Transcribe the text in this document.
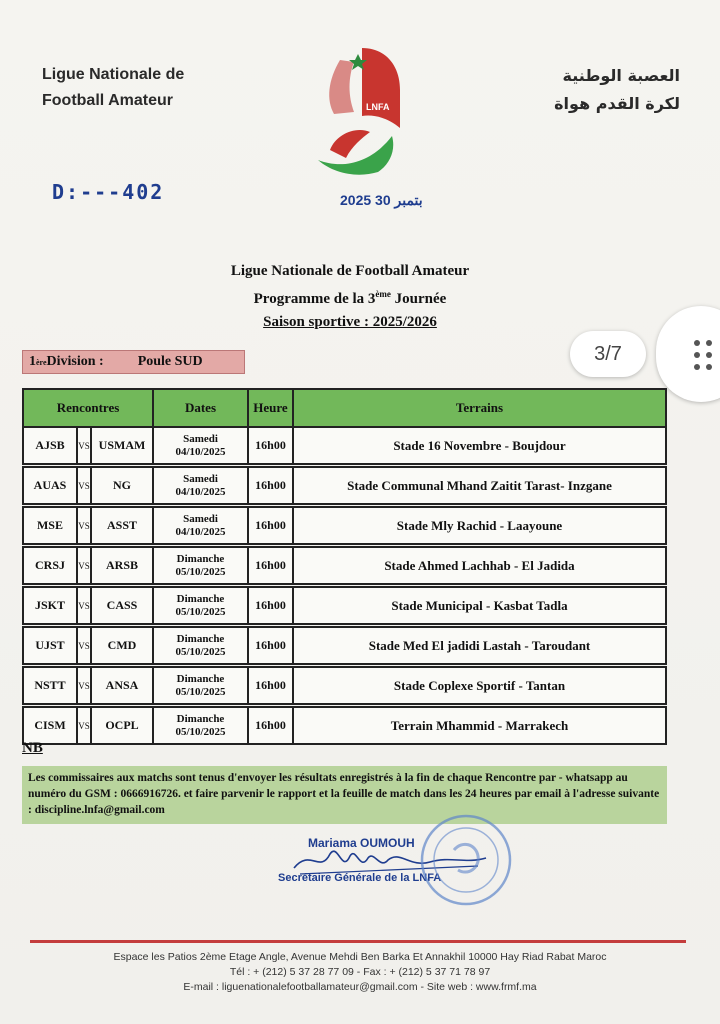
Ligue Nationale de
Football Amateur	LNFA
العصبة الوطنية
لكرة القدم هواة
D:---402	2025 بتمبر 30
Ligue Nationale de Football Amateur
Programme de la 3ème Journée
Saison sportive : 2025/2026
1 ère Division : Poule SUD	3/7
Rencontres			Dates	Heure	Terrains
AJSB	VS	USMAM	Samedi
04/10/2025	16h00	Stade 16 Novembre - Boujdour

AUAS	VS	NG	Samedi
04/10/2025	16h00	Stade Communal Mhand Zaitit Tarast- Inzgane

MSE	VS	ASST	Samedi
04/10/2025	16h00	Stade Mly Rachid - Laayoune

CRSJ	VS	ARSB	Dimanche
05/10/2025	16h00	Stade Ahmed Lachhab - El Jadida

JSKT	VS	CASS	Dimanche
05/10/2025	16h00	Stade Municipal - Kasbat Tadla

UJST	VS	CMD	Dimanche
05/10/2025	16h00	Stade Med El jadidi Lastah - Taroudant

NSTT	VS	ANSA	Dimanche
05/10/2025	16h00	Stade Coplexe Sportif - Tantan

CISM	VS	OCPL	Dimanche
05/10/2025	16h00	Terrain Mhammid - Marrakech
NB
Les commissaires aux matchs sont tenus d'envoyer les résultats enregistrés à la fin de chaque Rencontre par - whatsapp au numéro du GSM : 0666916726. et faire parvenir le rapport et la feuille de match dans les 24 heures par email à l'adresse suivante : discipline.lnfa@gmail.com
Mariama OUMOUH
Secrétaire Générale de la LNFA
Espace les Patios 2ème Etage Angle, Avenue Mehdi Ben Barka Et Annakhil 10000 Hay Riad Rabat Maroc
Tél : + (212) 5 37 28 77 09 - Fax : + (212) 5 37 71 78 97
E-mail : liguenationalefootballamateur@gmail.com - Site web : www.frmf.ma
